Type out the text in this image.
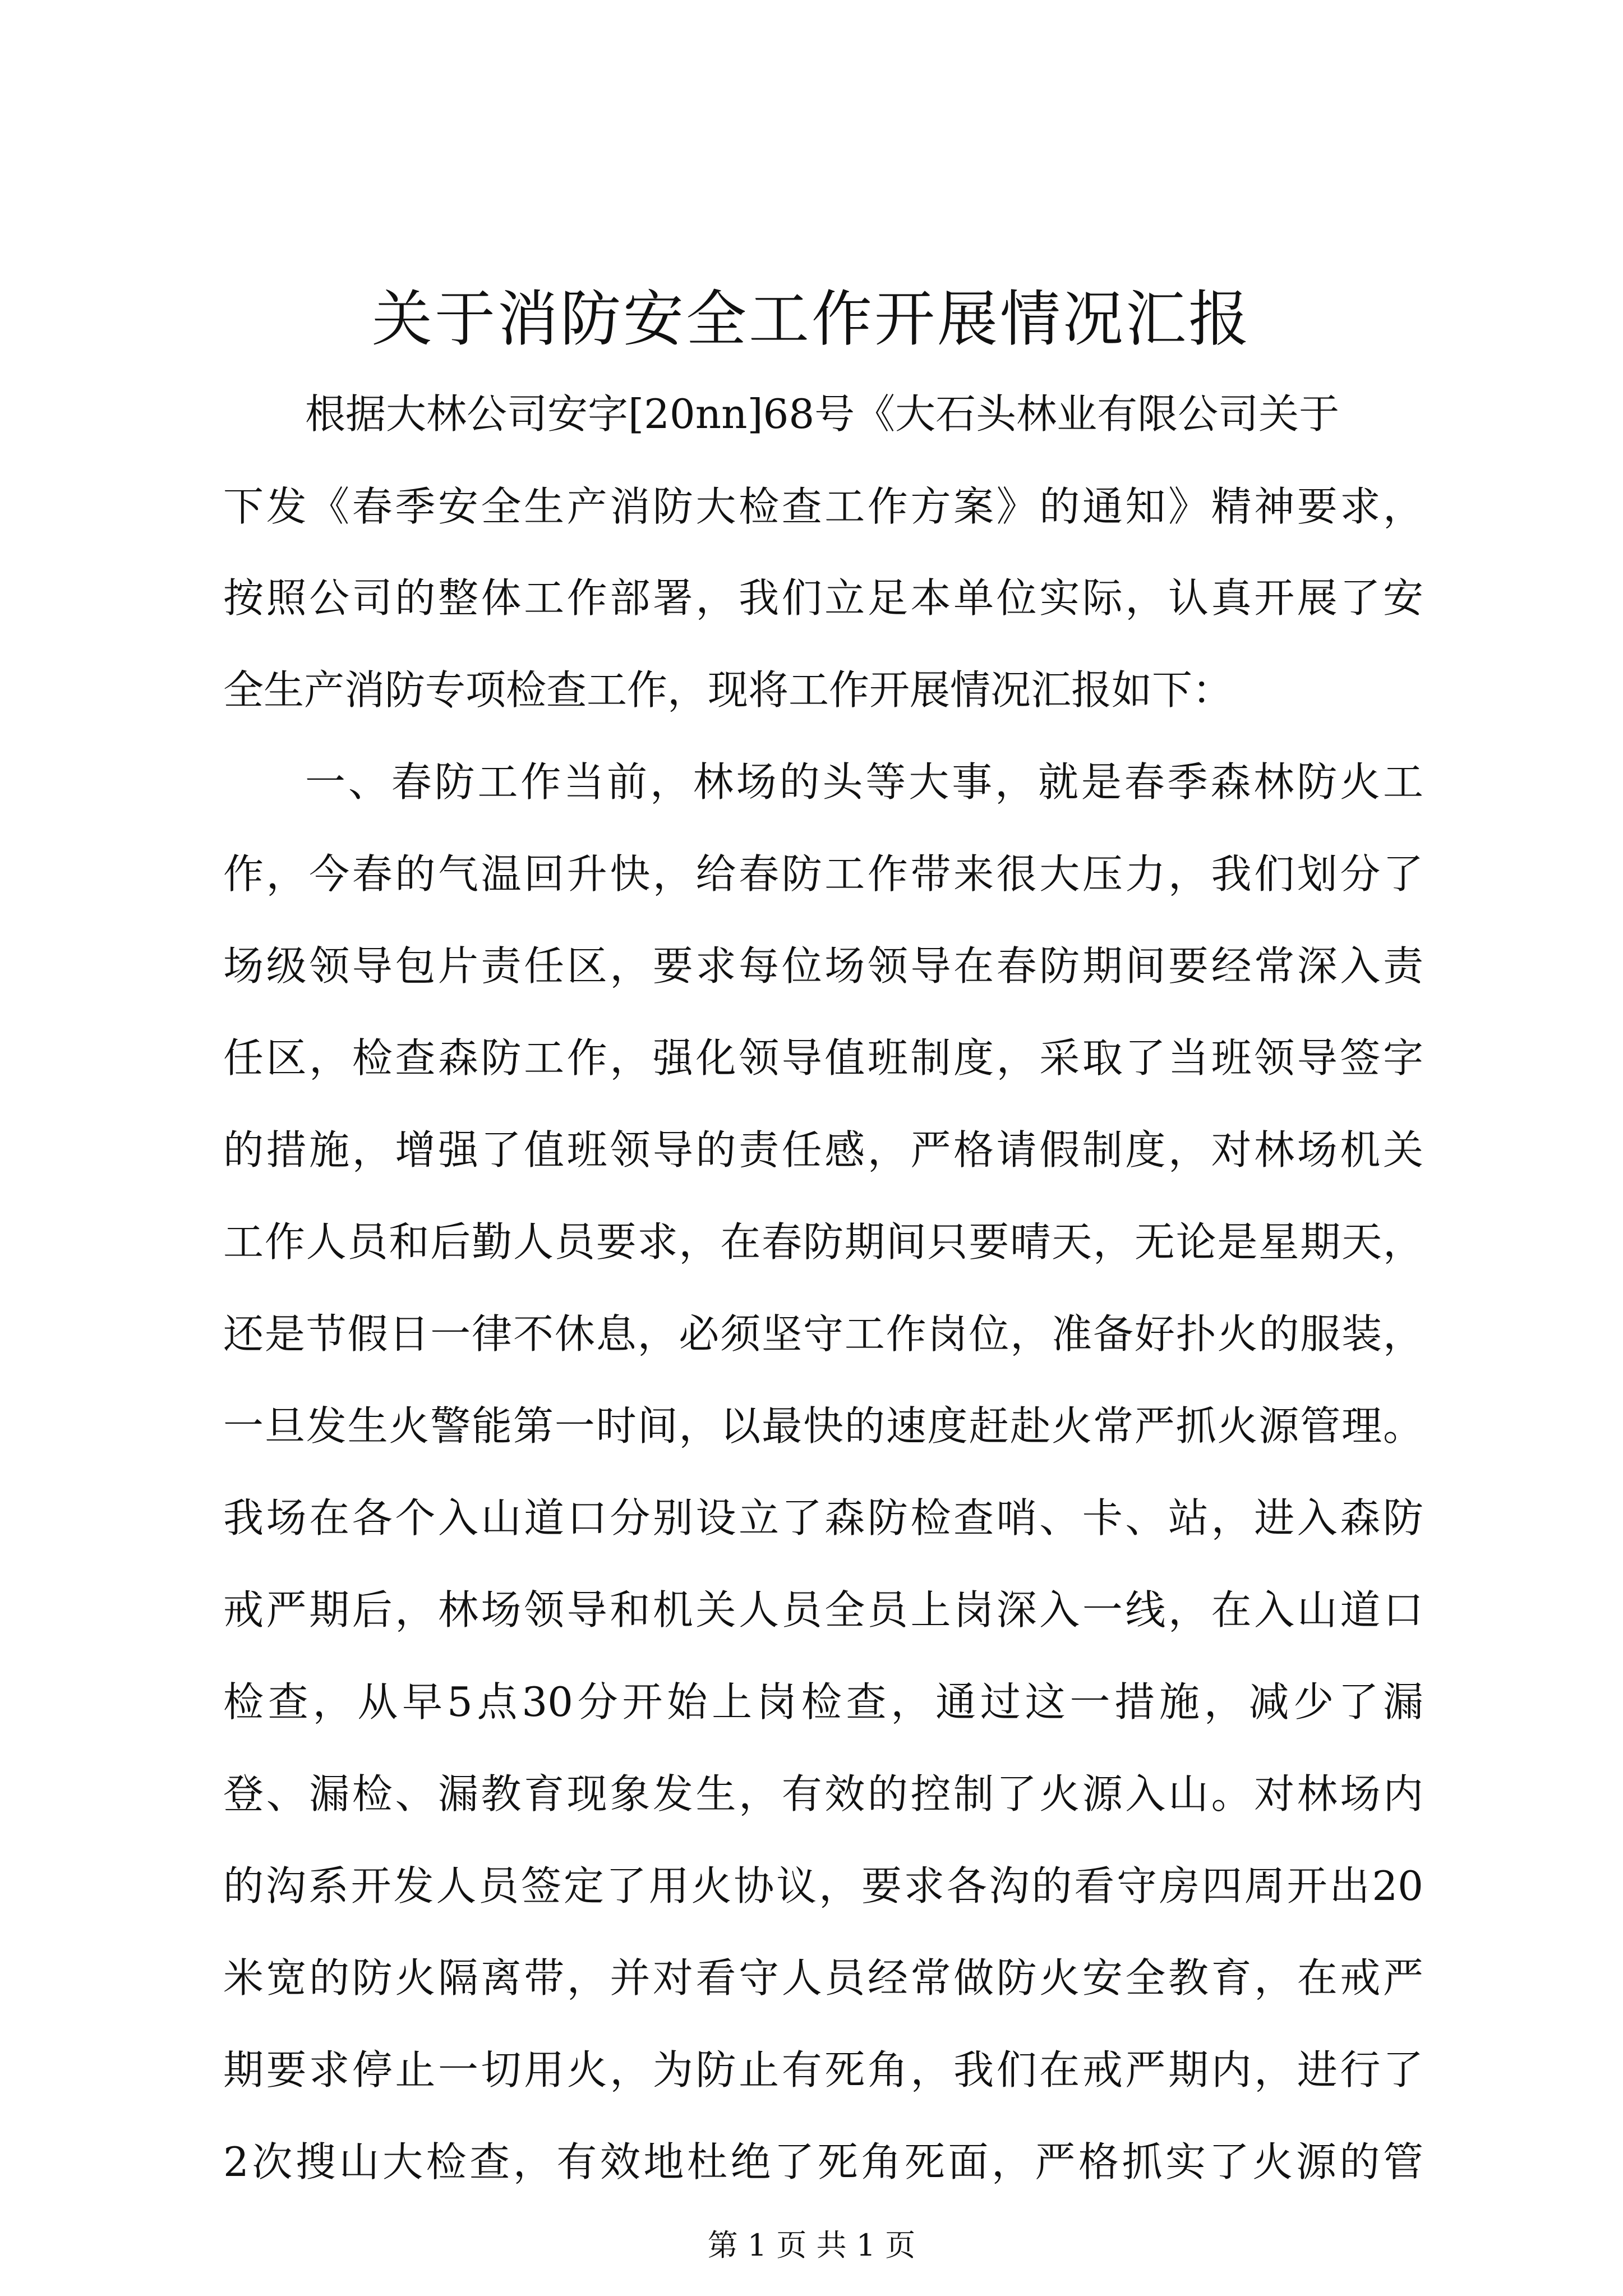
关于消防安全工作开展情况汇报
根据大林公司安字[20nn]68号《大石头林业有限公司关于
下发《春季安全生产消防大检查工作方案》的通知》精神要求，
按照公司的整体工作部署，我们立足本单位实际，认真开展了安
全生产消防专项检查工作，现将工作开展情况汇报如下：
一、春防工作当前，林场的头等大事，就是春季森林防火工
作，今春的气温回升快，给春防工作带来很大压力，我们划分了
场级领导包片责任区，要求每位场领导在春防期间要经常深入责
任区，检查森防工作，强化领导值班制度，采取了当班领导签字
的措施，增强了值班领导的责任感，严格请假制度，对林场机关
工作人员和后勤人员要求，在春防期间只要晴天，无论是星期天，
还是节假日一律不休息，必须坚守工作岗位，准备好扑火的服装，
一旦发生火警能第一时间，以最快的速度赶赴火常严抓火源管理。
我场在各个入山道口分别设立了森防检查哨、卡、站，进入森防
戒严期后，林场领导和机关人员全员上岗深入一线，在入山道口
检查，从早5点30分开始上岗检查，通过这一措施，减少了漏
登、漏检、漏教育现象发生，有效的控制了火源入山。对林场内
的沟系开发人员签定了用火协议，要求各沟的看守房四周开出20
米宽的防火隔离带，并对看守人员经常做防火安全教育，在戒严
期要求停止一切用火，为防止有死角，我们在戒严期内，进行了
2次搜山大检查，有效地杜绝了死角死面，严格抓实了火源的管
第 1 页 共 1 页
